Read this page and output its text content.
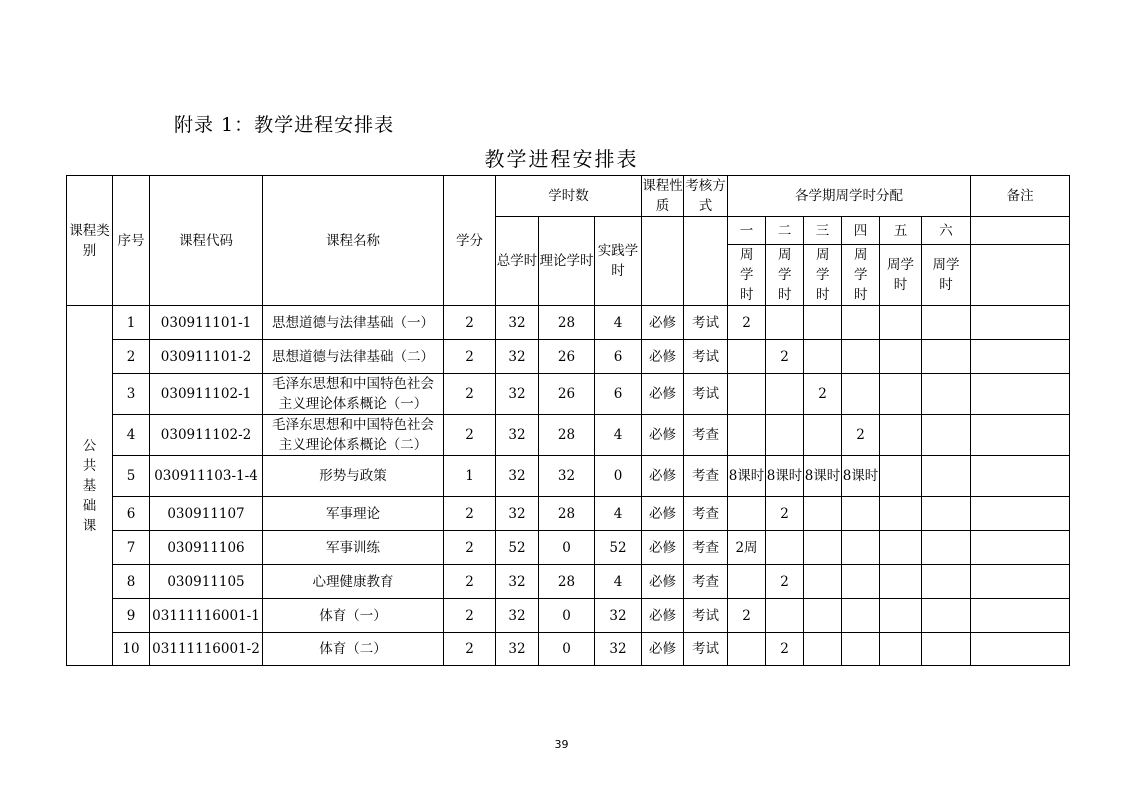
附录 1：教学进程安排表
教学进程安排表
课程类别	序号	课程代码	课程名称	学分	学时数			课程性质	考核方式	各学期周学时分配						备注
					总学时	理论学时	实践学时			一	二	三	四	五	六	
										周学时	周学时	周学时	周学时	周学时	周学时	
公共基础课	1	030911101-1	思想道德与法律基础（一）	2	32	28	4	必修	考试	2						
	2	030911101-2	思想道德与法律基础（二）	2	32	26	6	必修	考试		2					
	3	030911102-1	毛泽东思想和中国特色社会主义理论体系概论（一）	2	32	26	6	必修	考试			2				
	4	030911102-2	毛泽东思想和中国特色社会主义理论体系概论（二）	2	32	28	4	必修	考查				2			
	5	030911103-1-4	形势与政策	1	32	32	0	必修	考查	8课时	8课时	8课时	8课时			
	6	030911107	军事理论	2	32	28	4	必修	考查		2					
	7	030911106	军事训练	2	52	0	52	必修	考查	2周						
	8	030911105	心理健康教育	2	32	28	4	必修	考查		2					
	9	03111116001-1	体育（一）	2	32	0	32	必修	考试	2						
	10	03111116001-2	体育（二）	2	32	0	32	必修	考试		2					
39
